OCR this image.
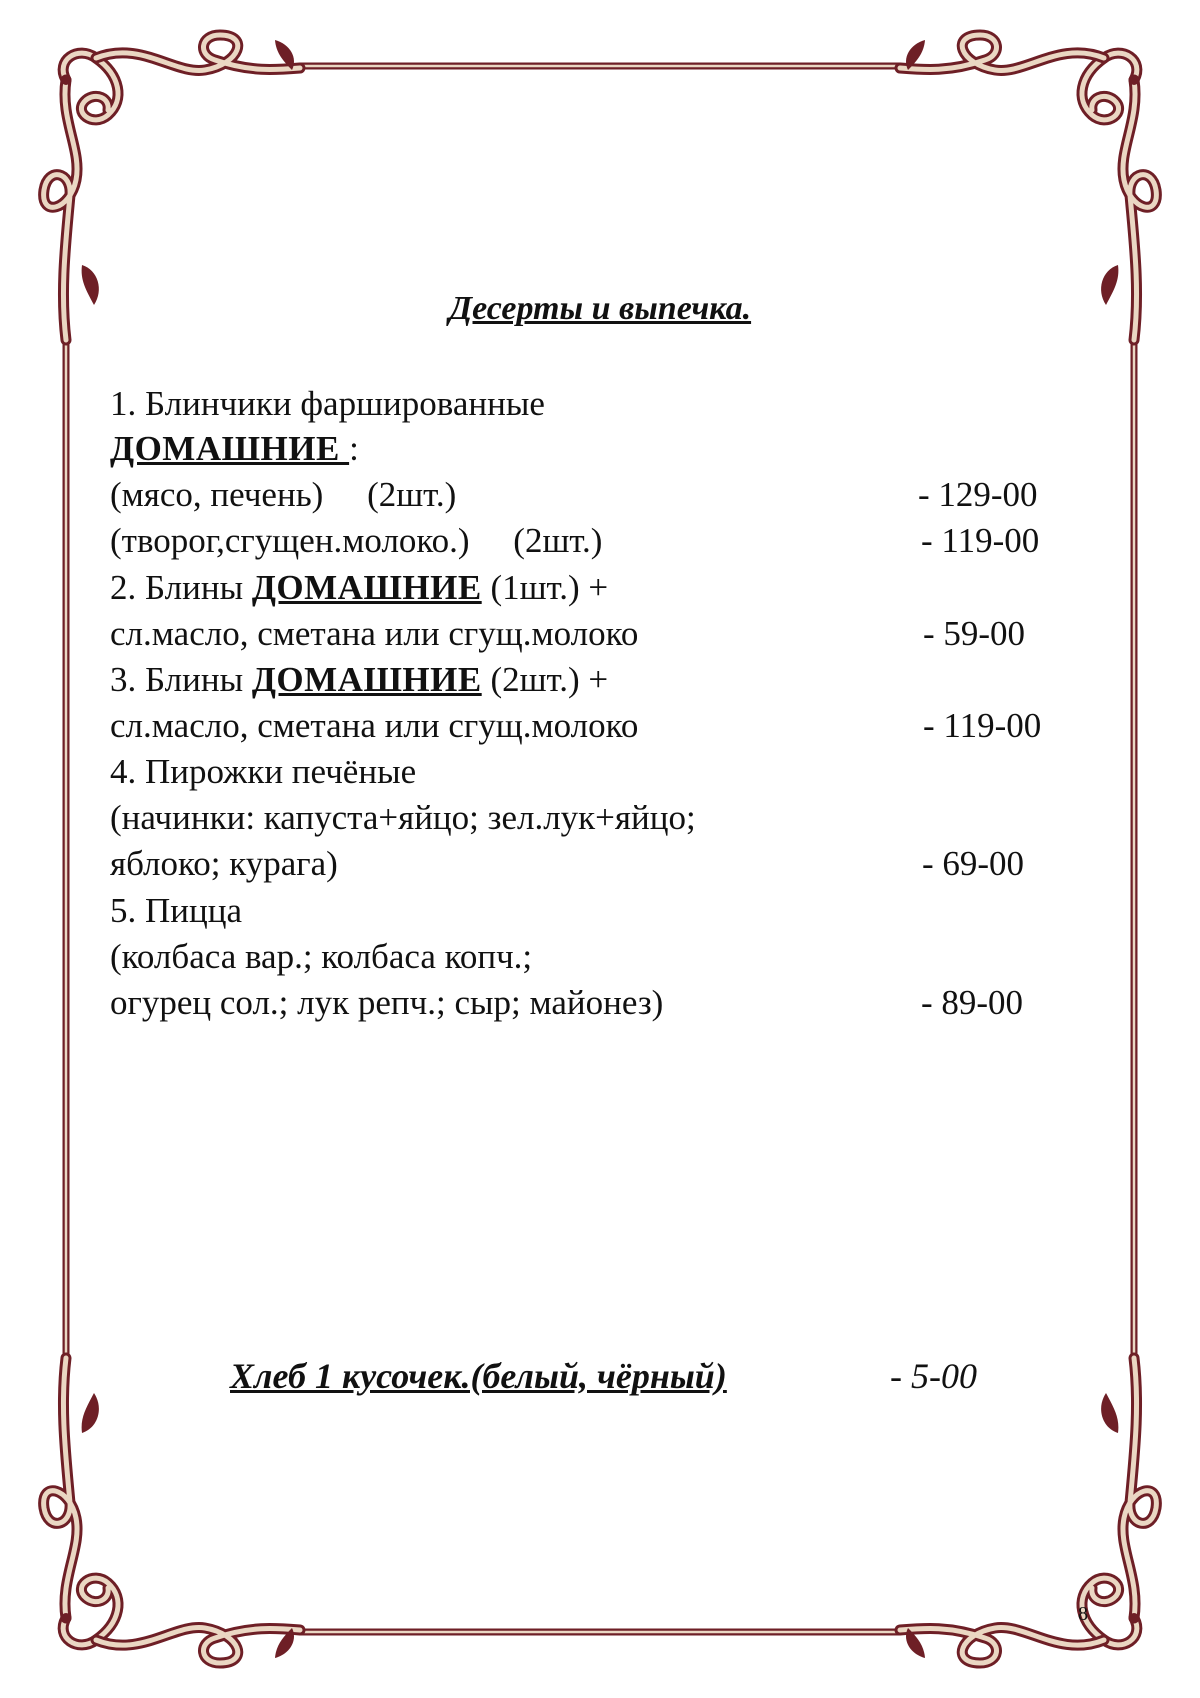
Десерты и выпечка.
1. Блинчики фаршированные
ДОМАШНИЕ :
(мясо, печень)     (2шт.)	- 129-00
(творог,сгущен.молоко.)     (2шт.)	- 119-00
2. Блины ДОМАШНИЕ (1шт.) +
сл.масло, сметана или сгущ.молоко	- 59-00
3. Блины ДОМАШНИЕ (2шт.) +
сл.масло, сметана или сгущ.молоко	- 119-00
4. Пирожки печёные
(начинки: капуста+яйцо; зел.лук+яйцо;
яблоко; курага)	- 69-00
5. Пицца
(колбаса вар.; колбаса копч.;
огурец сол.; лук репч.; сыр; майонез)	- 89-00
Хлеб 1 кусочек.(белый, чёрный)	- 5-00
8
